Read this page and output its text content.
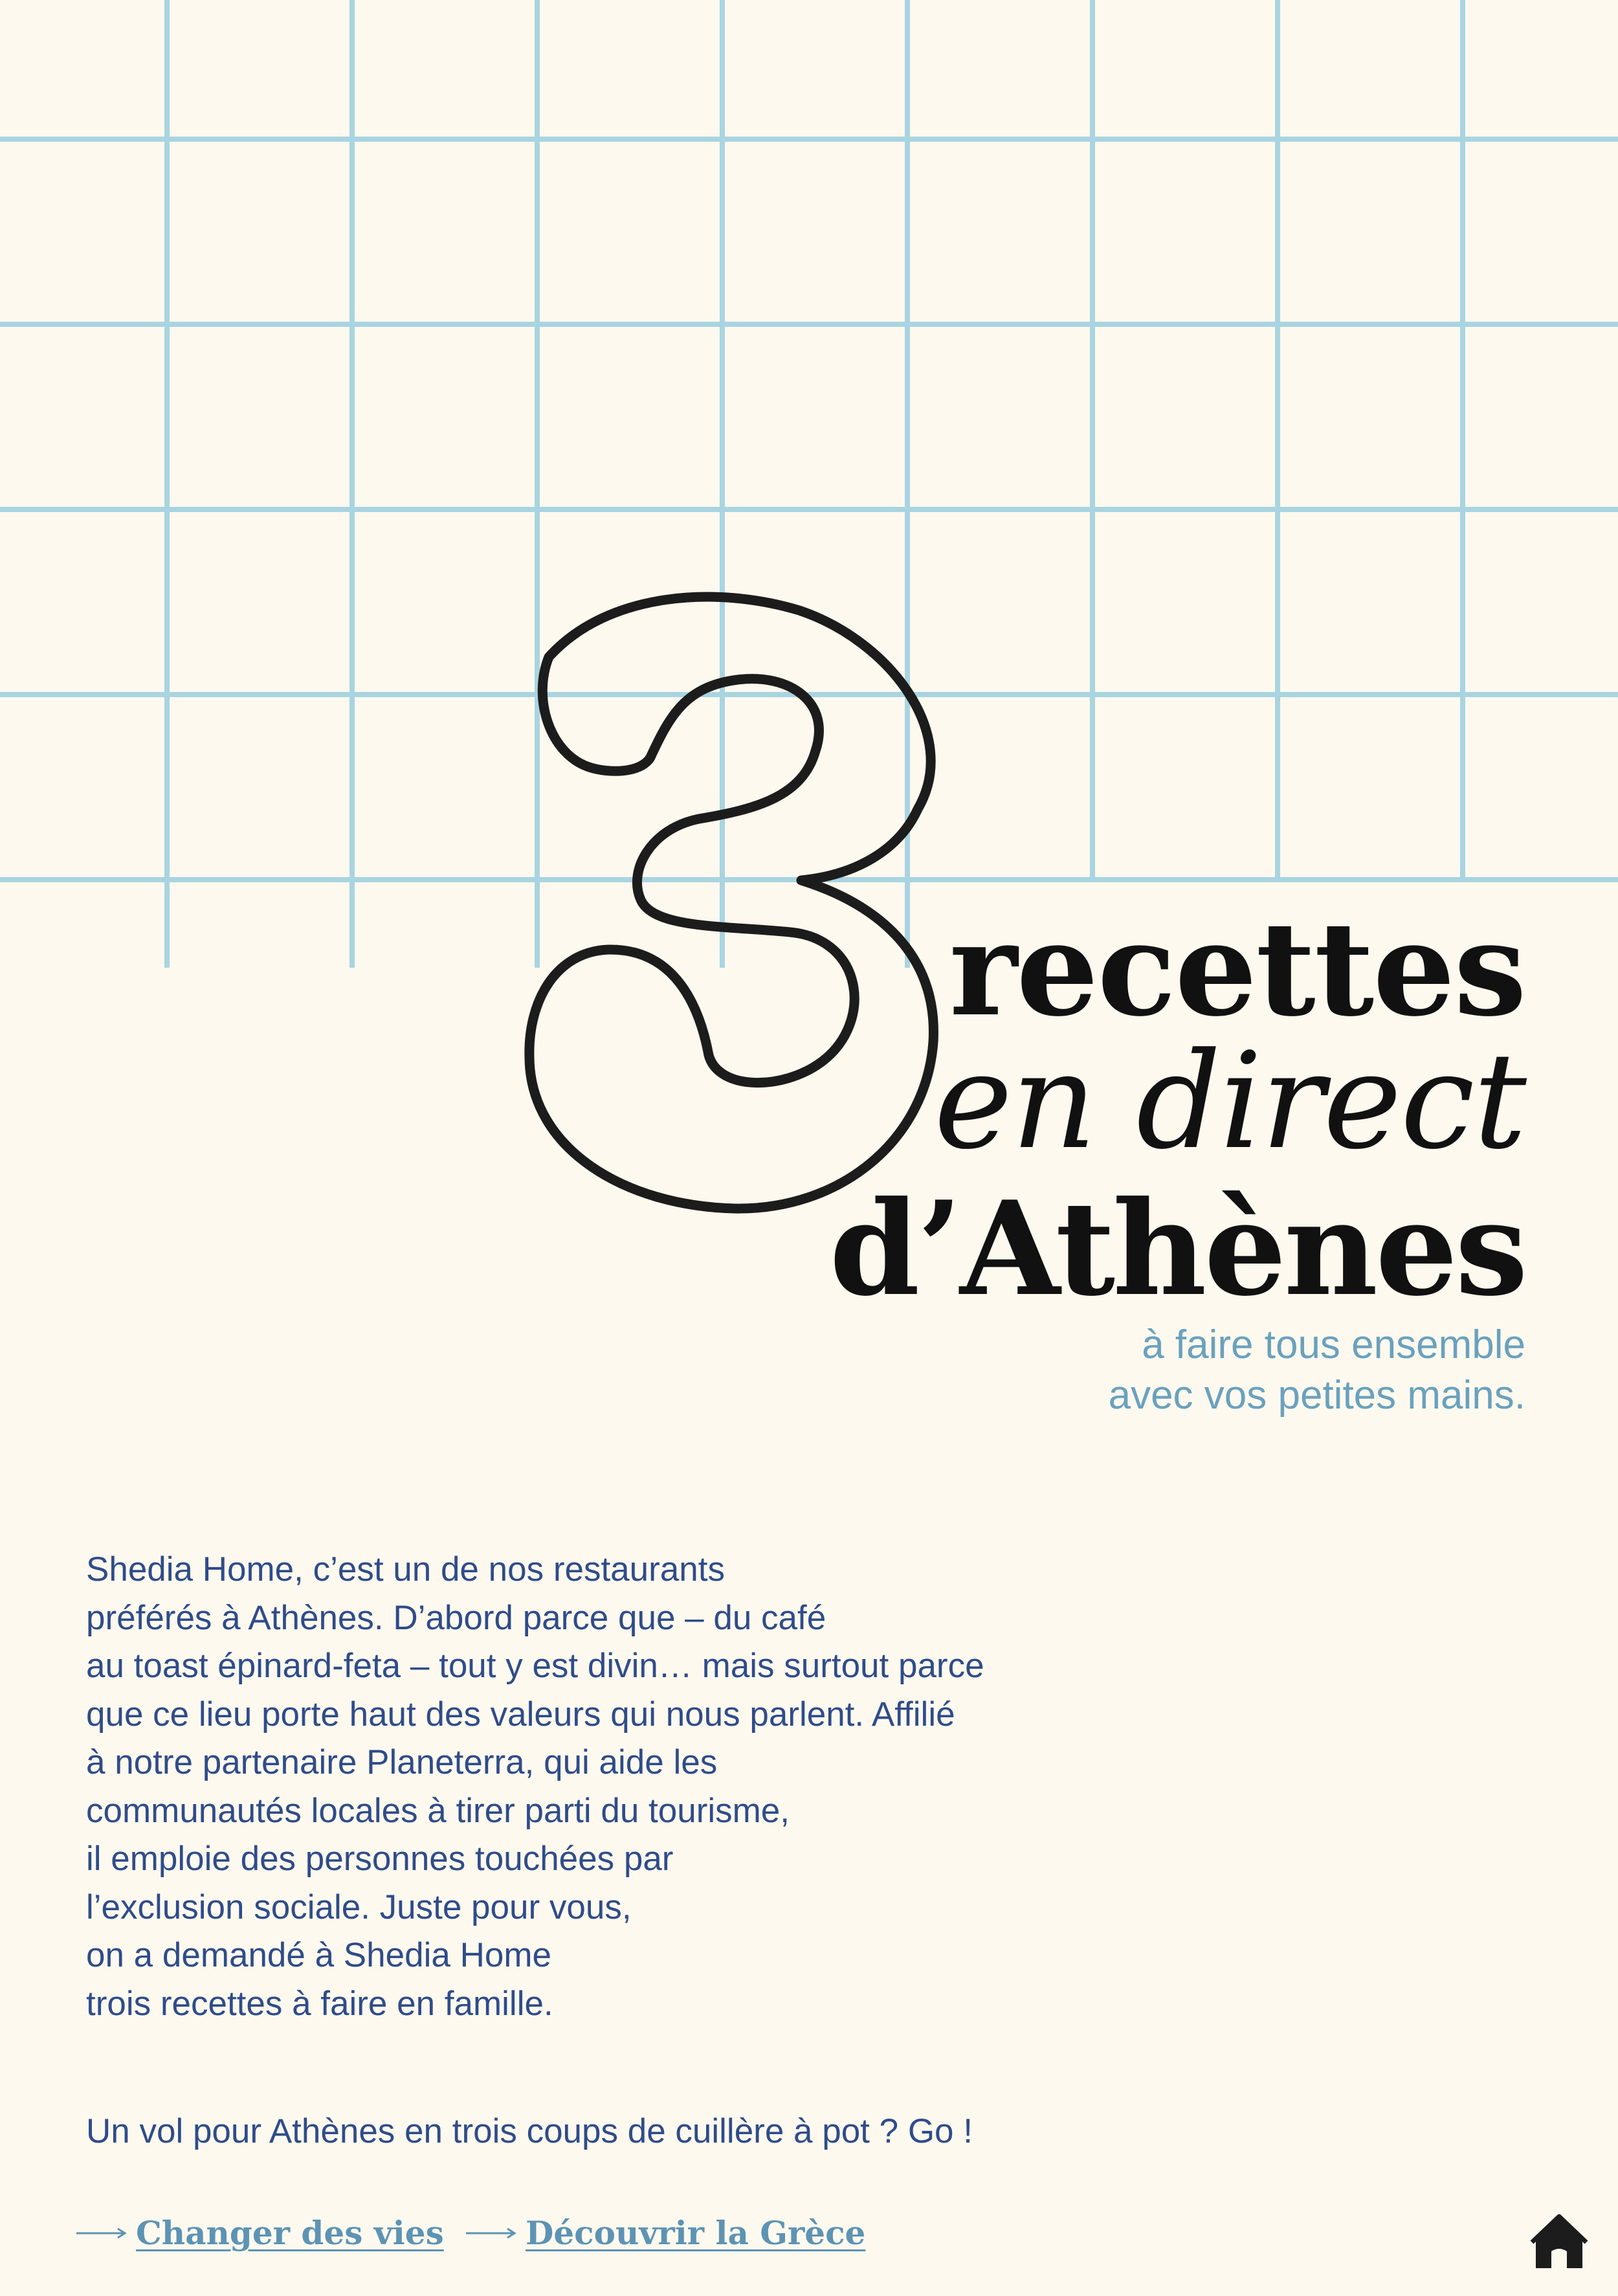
recettes
en direct
d’Athènes

à faire tous ensemble

avec vos petites mains.

Shedia Home, c’est un de nos restaurants
préférés à Athènes. D’abord parce que – du café
au toast épinard-feta – tout y est divin… mais surtout parce
que ce lieu porte haut des valeurs qui nous parlent. Affilié
à notre partenaire Planeterra, qui aide les
communautés locales à tirer parti du tourisme,
il emploie des personnes touchées par
l’exclusion sociale. Juste pour vous,
on a demandé à Shedia Home
trois recettes à faire en famille.

Un vol pour Athènes en trois coups de cuillère à pot ? Go !

Changer des vies	Découvrir la Grèce
